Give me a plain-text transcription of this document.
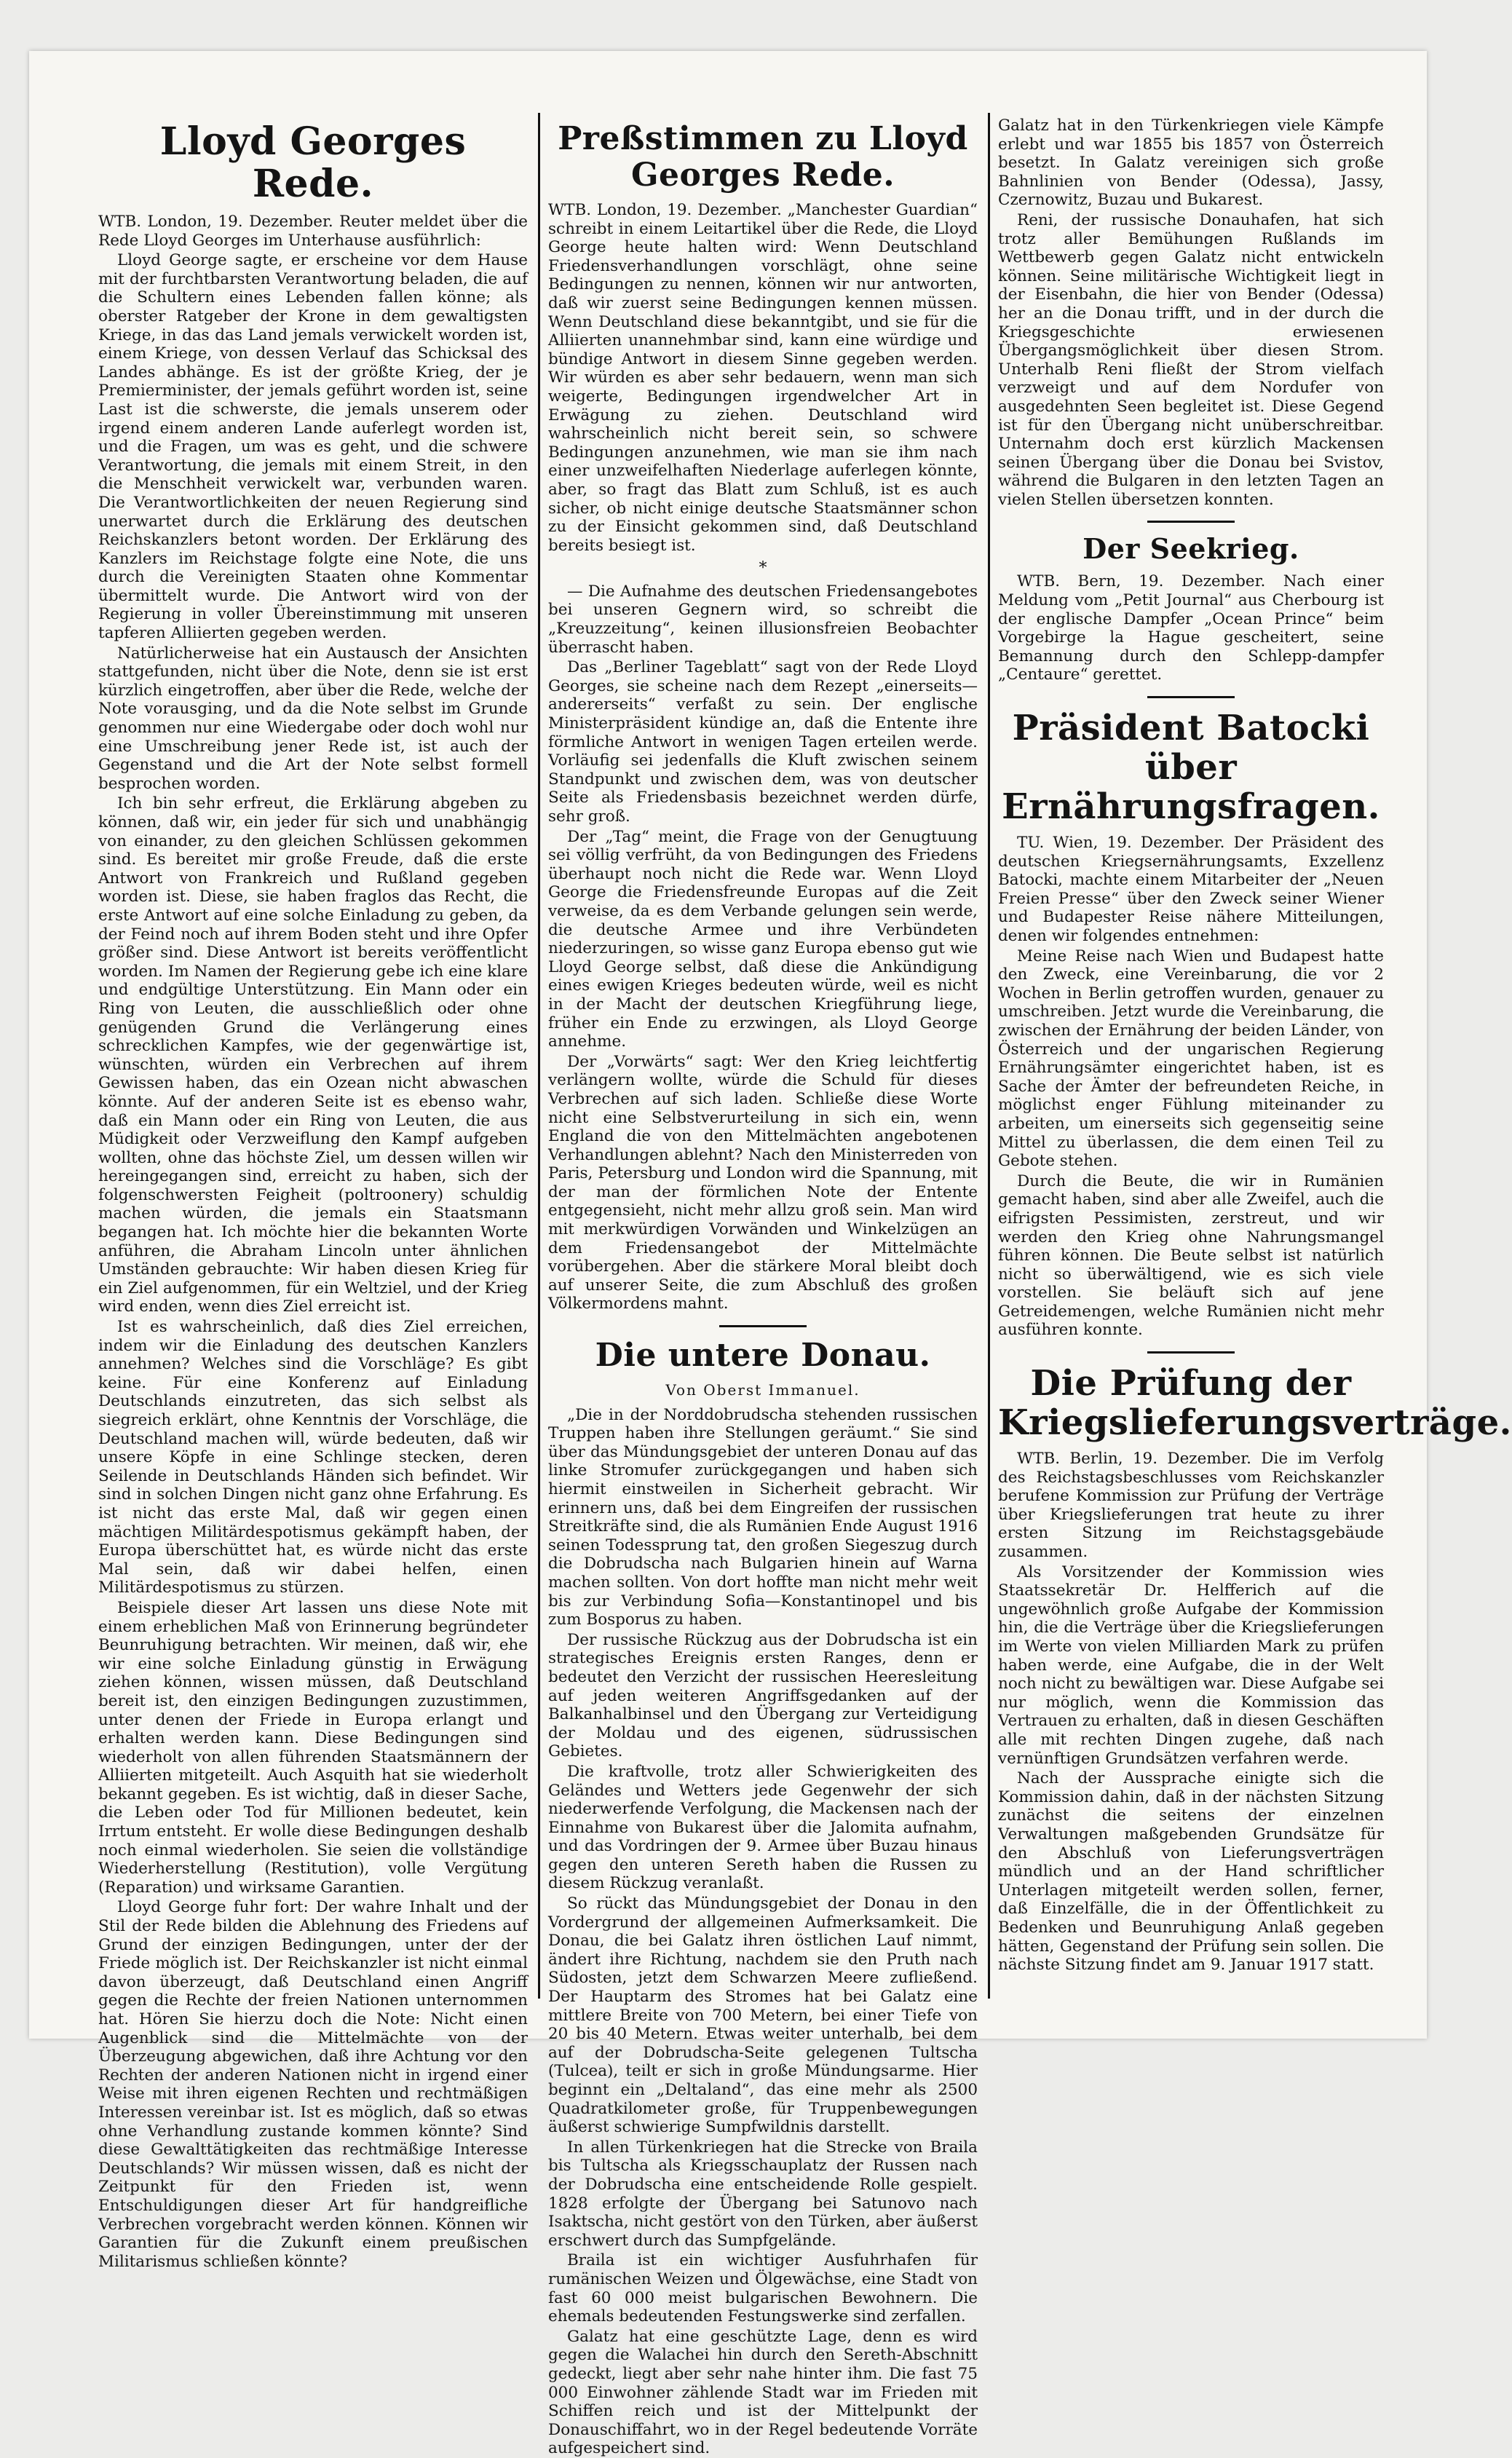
Lloyd Georges Rede.

WTB. London, 19. Dezember. Reuter meldet über die Rede Lloyd Georges im Unterhause ausführlich:

Lloyd George sagte, er erscheine vor dem Hause mit der furchtbarsten Verantwortung beladen, die auf die Schultern eines Lebenden fallen könne; als oberster Ratgeber der Krone in dem gewaltigsten Kriege, in das das Land jemals verwickelt worden ist, einem Kriege, von dessen Verlauf das Schicksal des Landes abhänge. Es ist der größte Krieg, der je Premierminister, der jemals geführt worden ist, seine Last ist die schwerste, die jemals unserem oder irgend einem anderen Lande auferlegt worden ist, und die Fragen, um was es geht, und die schwere Verantwortung, die jemals mit einem Streit, in den die Menschheit verwickelt war, verbunden waren. Die Verantwortlichkeiten der neuen Regierung sind unerwartet durch die Erklärung des deutschen Reichskanzlers betont worden. Der Erklärung des Kanzlers im Reichstage folgte eine Note, die uns durch die Vereinigten Staaten ohne Kommentar übermittelt wurde. Die Antwort wird von der Regierung in voller Übereinstimmung mit unseren tapferen Alliierten gegeben werden.

Natürlicherweise hat ein Austausch der Ansichten stattgefunden, nicht über die Note, denn sie ist erst kürzlich eingetroffen, aber über die Rede, welche der Note vorausging, und da die Note selbst im Grunde genommen nur eine Wiedergabe oder doch wohl nur eine Umschreibung jener Rede ist, ist auch der Gegenstand und die Art der Note selbst formell besprochen worden.

Ich bin sehr erfreut, die Erklärung abgeben zu können, daß wir, ein jeder für sich und unabhängig von einander, zu den gleichen Schlüssen gekommen sind. Es bereitet mir große Freude, daß die erste Antwort von Frankreich und Rußland gegeben worden ist. Diese, sie haben fraglos das Recht, die erste Antwort auf eine solche Einladung zu geben, da der Feind noch auf ihrem Boden steht und ihre Opfer größer sind. Diese Antwort ist bereits veröffentlicht worden. Im Namen der Regierung gebe ich eine klare und endgültige Unterstützung. Ein Mann oder ein Ring von Leuten, die ausschließlich oder ohne genügenden Grund die Verlängerung eines schrecklichen Kampfes, wie der gegenwärtige ist, wünschten, würden ein Verbrechen auf ihrem Gewissen haben, das ein Ozean nicht abwaschen könnte. Auf der anderen Seite ist es ebenso wahr, daß ein Mann oder ein Ring von Leuten, die aus Müdigkeit oder Verzweiflung den Kampf aufgeben wollten, ohne das höchste Ziel, um dessen willen wir hereingegangen sind, erreicht zu haben, sich der folgenschwersten Feigheit (poltroonery) schuldig machen würden, die jemals ein Staatsmann begangen hat. Ich möchte hier die bekannten Worte anführen, die Abraham Lincoln unter ähnlichen Umständen gebrauchte: Wir haben diesen Krieg für ein Ziel aufgenommen, für ein Weltziel, und der Krieg wird enden, wenn dies Ziel erreicht ist.

Ist es wahrscheinlich, daß dies Ziel erreichen, indem wir die Einladung des deutschen Kanzlers annehmen? Welches sind die Vorschläge? Es gibt keine. Für eine Konferenz auf Einladung Deutschlands einzutreten, das sich selbst als siegreich erklärt, ohne Kenntnis der Vorschläge, die Deutschland machen will, würde bedeuten, daß wir unsere Köpfe in eine Schlinge stecken, deren Seilende in Deutschlands Händen sich befindet. Wir sind in solchen Dingen nicht ganz ohne Erfahrung. Es ist nicht das erste Mal, daß wir gegen einen mächtigen Militärdespotismus gekämpft haben, der Europa überschüttet hat, es würde nicht das erste Mal sein, daß wir dabei helfen, einen Militärdespotismus zu stürzen.

Beispiele dieser Art lassen uns diese Note mit einem erheblichen Maß von Erinnerung begründeter Beunruhigung betrachten. Wir meinen, daß wir, ehe wir eine solche Einladung günstig in Erwägung ziehen können, wissen müssen, daß Deutschland bereit ist, den einzigen Bedingungen zuzustimmen, unter denen der Friede in Europa erlangt und erhalten werden kann. Diese Bedingungen sind wiederholt von allen führenden Staatsmännern der Alliierten mitgeteilt. Auch Asquith hat sie wiederholt bekannt gegeben. Es ist wichtig, daß in dieser Sache, die Leben oder Tod für Millionen bedeutet, kein Irrtum entsteht. Er wolle diese Bedingungen deshalb noch einmal wiederholen. Sie seien die vollständige Wiederherstellung (Restitution), volle Vergütung (Reparation) und wirksame Garantien.

Lloyd George fuhr fort: Der wahre Inhalt und der Stil der Rede bilden die Ablehnung des Friedens auf Grund der einzigen Bedingungen, unter der der Friede möglich ist. Der Reichskanzler ist nicht einmal davon überzeugt, daß Deutschland einen Angriff gegen die Rechte der freien Nationen unternommen hat. Hören Sie hierzu doch die Note: Nicht einen Augenblick sind die Mittelmächte von der Überzeugung abgewichen, daß ihre Achtung vor den Rechten der anderen Nationen nicht in irgend einer Weise mit ihren eigenen Rechten und rechtmäßigen Interessen vereinbar ist. Ist es möglich, daß so etwas ohne Verhandlung zustande kommen könnte? Sind diese Gewalttätigkeiten das rechtmäßige Interesse Deutschlands? Wir müssen wissen, daß es nicht der Zeitpunkt für den Frieden ist, wenn Entschuldigungen dieser Art für handgreifliche Verbrechen vorgebracht werden können. Können wir Garantien für die Zukunft einem preußischen Militarismus schließen könnte?

Preßstimmen zu Lloyd Georges Rede.

WTB. London, 19. Dezember. „Manchester Guardian“ schreibt in einem Leitartikel über die Rede, die Lloyd George heute halten wird: Wenn Deutschland Friedensverhandlungen vorschlägt, ohne seine Bedingungen zu nennen, können wir nur antworten, daß wir zuerst seine Bedingungen kennen müssen. Wenn Deutschland diese bekanntgibt, und sie für die Alliierten unannehmbar sind, kann eine würdige und bündige Antwort in diesem Sinne gegeben werden. Wir würden es aber sehr bedauern, wenn man sich weigerte, Bedingungen irgendwelcher Art in Erwägung zu ziehen. Deutschland wird wahrscheinlich nicht bereit sein, so schwere Bedingungen anzunehmen, wie man sie ihm nach einer unzweifelhaften Niederlage auferlegen könnte, aber, so fragt das Blatt zum Schluß, ist es auch sicher, ob nicht einige deutsche Staatsmänner schon zu der Einsicht gekommen sind, daß Deutschland bereits besiegt ist.

*

— Die Aufnahme des deutschen Friedensangebotes bei unseren Gegnern wird, so schreibt die „Kreuzzeitung“, keinen illusionsfreien Beobachter überrascht haben.

Das „Berliner Tageblatt“ sagt von der Rede Lloyd Georges, sie scheine nach dem Rezept „einerseits—andererseits“ verfaßt zu sein. Der englische Ministerpräsident kündige an, daß die Entente ihre förmliche Antwort in wenigen Tagen erteilen werde. Vorläufig sei jedenfalls die Kluft zwischen seinem Standpunkt und zwischen dem, was von deutscher Seite als Friedensbasis bezeichnet werden dürfe, sehr groß.

Der „Tag“ meint, die Frage von der Genugtuung sei völlig verfrüht, da von Bedingungen des Friedens überhaupt noch nicht die Rede war. Wenn Lloyd George die Friedensfreunde Europas auf die Zeit verweise, da es dem Verbande gelungen sein werde, die deutsche Armee und ihre Verbündeten niederzuringen, so wisse ganz Europa ebenso gut wie Lloyd George selbst, daß diese die Ankündigung eines ewigen Krieges bedeuten würde, weil es nicht in der Macht der deutschen Kriegführung liege, früher ein Ende zu erzwingen, als Lloyd George annehme.

Der „Vorwärts“ sagt: Wer den Krieg leichtfertig verlängern wollte, würde die Schuld für dieses Verbrechen auf sich laden. Schließe diese Worte nicht eine Selbstverurteilung in sich ein, wenn England die von den Mittelmächten angebotenen Verhandlungen ablehnt? Nach den Ministerreden von Paris, Petersburg und London wird die Spannung, mit der man der förmlichen Note der Entente entgegensieht, nicht mehr allzu groß sein. Man wird mit merkwürdigen Vorwänden und Winkelzügen an dem Friedensangebot der Mittelmächte vorübergehen. Aber die stärkere Moral bleibt doch auf unserer Seite, die zum Abschluß des großen Völkermordens mahnt.

Die untere Donau.
Von Oberst Immanuel.

„Die in der Norddobrudscha stehenden russischen Truppen haben ihre Stellungen geräumt.“ Sie sind über das Mündungsgebiet der unteren Donau auf das linke Stromufer zurückgegangen und haben sich hiermit einstweilen in Sicherheit gebracht. Wir erinnern uns, daß bei dem Eingreifen der russischen Streitkräfte sind, die als Rumänien Ende August 1916 seinen Todessprung tat, den großen Siegeszug durch die Dobrudscha nach Bulgarien hinein auf Warna machen sollten. Von dort hoffte man nicht mehr weit bis zur Verbindung Sofia—Konstantinopel und bis zum Bosporus zu haben.

Der russische Rückzug aus der Dobrudscha ist ein strategisches Ereignis ersten Ranges, denn er bedeutet den Verzicht der russischen Heeresleitung auf jeden weiteren Angriffsgedanken auf der Balkanhalbinsel und den Übergang zur Verteidigung der Moldau und des eigenen, südrussischen Gebietes.

Die kraftvolle, trotz aller Schwierigkeiten des Geländes und Wetters jede Gegenwehr der sich niederwerfende Verfolgung, die Mackensen nach der Einnahme von Bukarest über die Jalomita aufnahm, und das Vordringen der 9. Armee über Buzau hinaus gegen den unteren Sereth haben die Russen zu diesem Rückzug veranlaßt.

So rückt das Mündungsgebiet der Donau in den Vordergrund der allgemeinen Aufmerksamkeit. Die Donau, die bei Galatz ihren östlichen Lauf nimmt, ändert ihre Richtung, nachdem sie den Pruth nach Südosten, jetzt dem Schwarzen Meere zufließend. Der Hauptarm des Stromes hat bei Galatz eine mittlere Breite von 700 Metern, bei einer Tiefe von 20 bis 40 Metern. Etwas weiter unterhalb, bei dem auf der Dobrudscha-Seite gelegenen Tultscha (Tulcea), teilt er sich in große Mündungsarme. Hier beginnt ein „Deltaland“, das eine mehr als 2500 Quadratkilometer große, für Truppenbewegungen äußerst schwierige Sumpfwildnis darstellt.

In allen Türkenkriegen hat die Strecke von Braila bis Tultscha als Kriegsschauplatz der Russen nach der Dobrudscha eine entscheidende Rolle gespielt. 1828 erfolgte der Übergang bei Satunovo nach Isaktscha, nicht gestört von den Türken, aber äußerst erschwert durch das Sumpfgelände.

Braila ist ein wichtiger Ausfuhrhafen für rumänischen Weizen und Ölgewächse, eine Stadt von fast 60 000 meist bulgarischen Bewohnern. Die ehemals bedeutenden Festungswerke sind zerfallen.

Galatz hat eine geschützte Lage, denn es wird gegen die Walachei hin durch den Sereth-Abschnitt gedeckt, liegt aber sehr nahe hinter ihm. Die fast 75 000 Einwohner zählende Stadt war im Frieden mit Schiffen reich und ist der Mittelpunkt der Donauschiffahrt, wo in der Regel bedeutende Vorräte aufgespeichert sind.

Galatz hat in den Türkenkriegen viele Kämpfe erlebt und war 1855 bis 1857 von Österreich besetzt. In Galatz vereinigen sich große Bahnlinien von Bender (Odessa), Jassy, Czernowitz, Buzau und Bukarest.

Reni, der russische Donauhafen, hat sich trotz aller Bemühungen Rußlands im Wettbewerb gegen Galatz nicht entwickeln können. Seine militärische Wichtigkeit liegt in der Eisenbahn, die hier von Bender (Odessa) her an die Donau trifft, und in der durch die Kriegsgeschichte erwiesenen Übergangsmöglichkeit über diesen Strom. Unterhalb Reni fließt der Strom vielfach verzweigt und auf dem Nordufer von ausgedehnten Seen begleitet ist. Diese Gegend ist für den Übergang nicht unüberschreitbar. Unternahm doch erst kürzlich Mackensen seinen Übergang über die Donau bei Svistov, während die Bulgaren in den letzten Tagen an vielen Stellen übersetzen konnten.

Der Seekrieg.

WTB. Bern, 19. Dezember. Nach einer Meldung vom „Petit Journal“ aus Cherbourg ist der englische Dampfer „Ocean Prince“ beim Vorgebirge la Hague gescheitert, seine Bemannung durch den Schlepp-dampfer „Centaure“ gerettet.

Präsident Batocki über Ernährungsfragen.

TU. Wien, 19. Dezember. Der Präsident des deutschen Kriegsernährungsamts, Exzellenz Batocki, machte einem Mitarbeiter der „Neuen Freien Presse“ über den Zweck seiner Wiener und Budapester Reise nähere Mitteilungen, denen wir folgendes entnehmen:

Meine Reise nach Wien und Budapest hatte den Zweck, eine Vereinbarung, die vor 2 Wochen in Berlin getroffen wurden, genauer zu umschreiben. Jetzt wurde die Vereinbarung, die zwischen der Ernährung der beiden Länder, von Österreich und der ungarischen Regierung Ernährungsämter eingerichtet haben, ist es Sache der Ämter der befreundeten Reiche, in möglichst enger Fühlung miteinander zu arbeiten, um einerseits sich gegenseitig seine Mittel zu überlassen, die dem einen Teil zu Gebote stehen.

Durch die Beute, die wir in Rumänien gemacht haben, sind aber alle Zweifel, auch die eifrigsten Pessimisten, zerstreut, und wir werden den Krieg ohne Nahrungsmangel führen können. Die Beute selbst ist natürlich nicht so überwältigend, wie es sich viele vorstellen. Sie beläuft sich auf jene Getreidemengen, welche Rumänien nicht mehr ausführen konnte.

Die Prüfung der Kriegslieferungsverträge.

WTB. Berlin, 19. Dezember. Die im Verfolg des Reichstagsbeschlusses vom Reichskanzler berufene Kommission zur Prüfung der Verträge über Kriegslieferungen trat heute zu ihrer ersten Sitzung im Reichstagsgebäude zusammen.

Als Vorsitzender der Kommission wies Staatssekretär Dr. Helfferich auf die ungewöhnlich große Aufgabe der Kommission hin, die die Verträge über die Kriegslieferungen im Werte von vielen Milliarden Mark zu prüfen haben werde, eine Aufgabe, die in der Welt noch nicht zu bewältigen war. Diese Aufgabe sei nur möglich, wenn die Kommission das Vertrauen zu erhalten, daß in diesen Geschäften alle mit rechten Dingen zugehe, daß nach vernünftigen Grundsätzen verfahren werde.

Nach der Aussprache einigte sich die Kommission dahin, daß in der nächsten Sitzung zunächst die seitens der einzelnen Verwaltungen maßgebenden Grundsätze für den Abschluß von Lieferungsverträgen mündlich und an der Hand schriftlicher Unterlagen mitgeteilt werden sollen, ferner, daß Einzelfälle, die in der Öffentlichkeit zu Bedenken und Beunruhigung Anlaß gegeben hätten, Gegenstand der Prüfung sein sollen. Die nächste Sitzung findet am 9. Januar 1917 statt.
